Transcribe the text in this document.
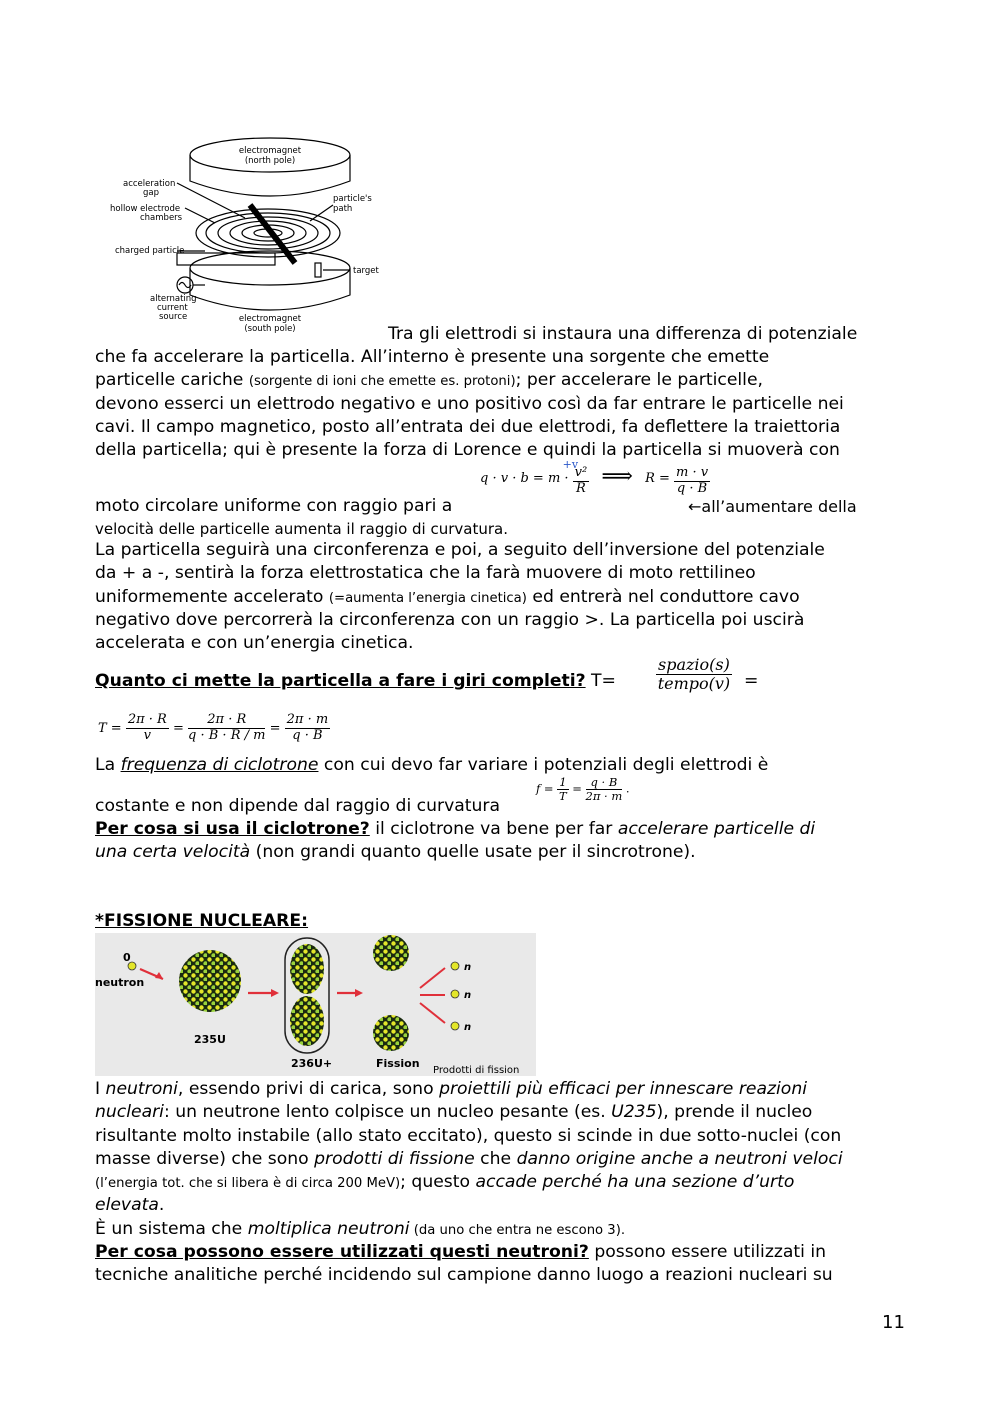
electromagnet
(north pole)
acceleration
gap
hollow electrode
chambers
particle's
path
charged particle
target
alternating
current
source	electromagnet
(south pole)	Tra gli elettrodi si instaura una differenza di potenziale
che fa accelerare la particella. All’interno è presente una sorgente che emette
particelle cariche (sorgente di ioni che emette es. protoni); per accelerare le particelle,
devono esserci un elettrodo negativo e uno positivo così da far entrare le particelle nei
cavi. Il campo magnetico, posto all’entrata dei due elettrodi, fa deflettere la traiettoria
della particella; qui è presente la forza di Lorence e quindi la particella si muoverà con
moto circolare uniforme con raggio pari a
q · v · b = m · v²
R
+v ⟹ $R = \frac{m \cdot v}{q \cdot B}$
←all’aumentare della
velocità delle particelle aumenta il raggio di curvatura.
La particella seguirà una circonferenza e poi, a seguito dell’inversione del potenziale
da + a -, sentirà la forza elettrostatica che la farà muovere di moto rettilineo
uniformemente accelerato (=aumenta l’energia cinetica) ed entrerà nel conduttore cavo
negativo dove percorrerà la circonferenza con un raggio >. La particella poi uscirà
accelerata e con un’energia cinetica.
Quanto ci mette la particella a fare i giri completi? T=	$\frac{\text{spazio(s)}}{\text{tempo(v)}}$ =
$T = \frac{2\pi \cdot R}{v} = \frac{2\pi \cdot R}{q \cdot B \cdot R / m} = \frac{2\pi \cdot m}{q \cdot B}$
La frequenza di ciclotrone con cui devo far variare i potenziali degli elettrodi è
costante e non dipende dal raggio di curvatura
$f = \frac{1}{T} = \frac{q \cdot B}{2\pi \cdot m}$ .
Per cosa si usa il ciclotrone? il ciclotrone va bene per far accelerare particelle di
una certa velocità (non grandi quanto quelle usate per il sincrotrone).
*FISSIONE NUCLEARE:
0
neutron
235U
236U+
n
n
n
Fission
Prodotti di fission
I neutroni, essendo privi di carica, sono proiettili più efficaci per innescare reazioni
nucleari: un neutrone lento colpisce un nucleo pesante (es. U235), prende il nucleo
risultante molto instabile (allo stato eccitato), questo si scinde in due sotto-nuclei (con
masse diverse) che sono prodotti di fissione che danno origine anche a neutroni veloci
(l’energia tot. che si libera è di circa 200 MeV); questo accade perché ha una sezione d’urto
elevata.
È un sistema che moltiplica neutroni (da uno che entra ne escono 3).
Per cosa possono essere utilizzati questi neutroni? possono essere utilizzati in
tecniche analitiche perché incidendo sul campione danno luogo a reazioni nucleari su
11
